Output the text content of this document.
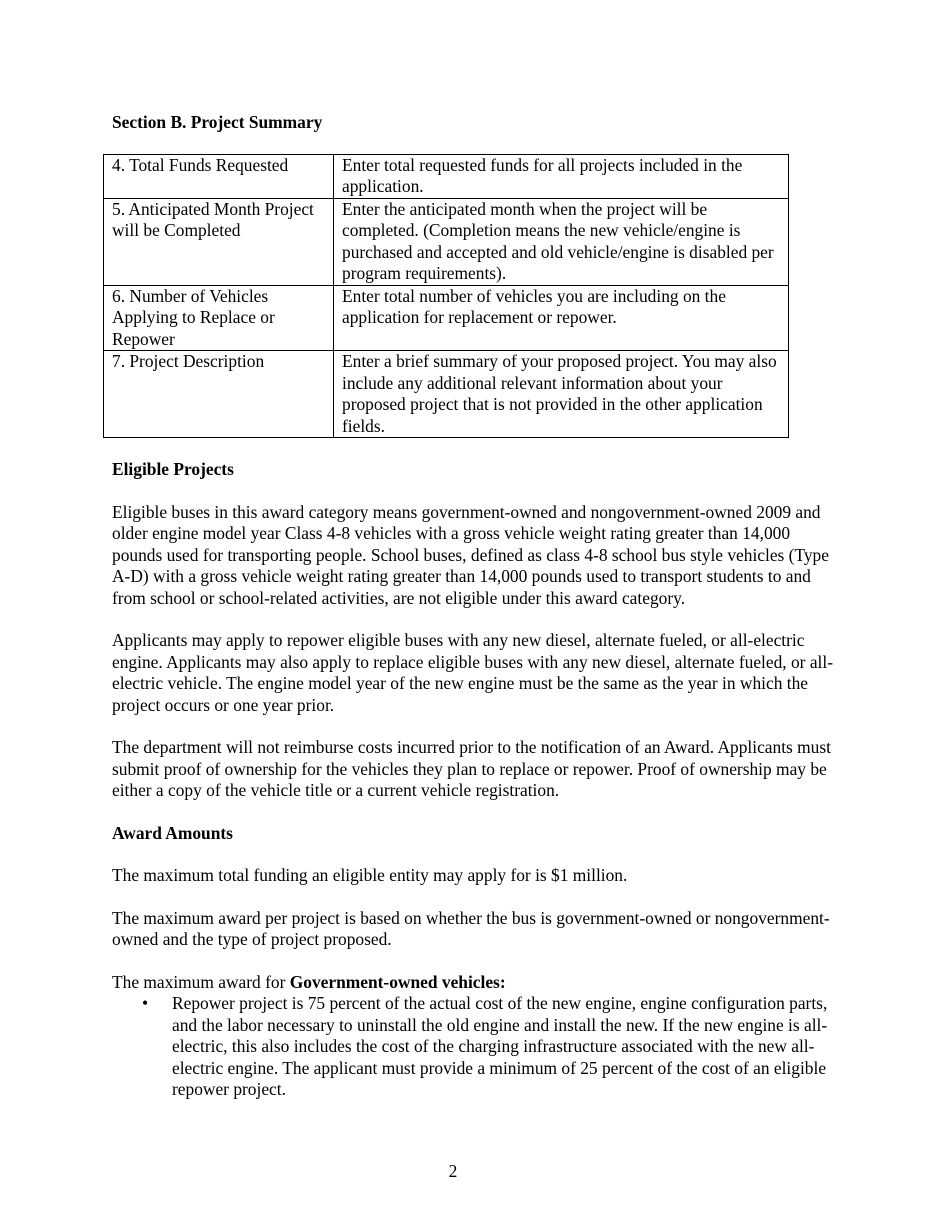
Section B. Project Summary

4. Total Funds Requested	Enter total requested funds for all projects included in the application.
5. Anticipated Month Project will be Completed	Enter the anticipated month when the project will be completed. (Completion means the new vehicle/engine is purchased and accepted and old vehicle/engine is disabled per program requirements).
6. Number of Vehicles Applying to Replace or Repower	Enter total number of vehicles you are including on the application for replacement or repower.
7. Project Description	Enter a brief summary of your proposed project. You may also include any additional relevant information about your proposed project that is not provided in the other application fields.

Eligible Projects

Eligible buses in this award category means government-owned and nongovernment-owned 2009 and older engine model year Class 4-8 vehicles with a gross vehicle weight rating greater than 14,000 pounds used for transporting people. School buses, defined as class 4-8 school bus style vehicles (Type A-D) with a gross vehicle weight rating greater than 14,000 pounds used to transport students to and from school or school-related activities, are not eligible under this award category.

Applicants may apply to repower eligible buses with any new diesel, alternate fueled, or all-electric engine. Applicants may also apply to replace eligible buses with any new diesel, alternate fueled, or all-electric vehicle. The engine model year of the new engine must be the same as the year in which the project occurs or one year prior.

The department will not reimburse costs incurred prior to the notification of an Award. Applicants must submit proof of ownership for the vehicles they plan to replace or repower. Proof of ownership may be either a copy of the vehicle title or a current vehicle registration.

Award Amounts

The maximum total funding an eligible entity may apply for is $1 million.

The maximum award per project is based on whether the bus is government-owned or nongovernment-owned and the type of project proposed.

The maximum award for Government-owned vehicles:

• Repower project is 75 percent of the actual cost of the new engine, engine configuration parts, and the labor necessary to uninstall the old engine and install the new. If the new engine is all-electric, this also includes the cost of the charging infrastructure associated with the new all-electric engine. The applicant must provide a minimum of 25 percent of the cost of an eligible repower project.
2
